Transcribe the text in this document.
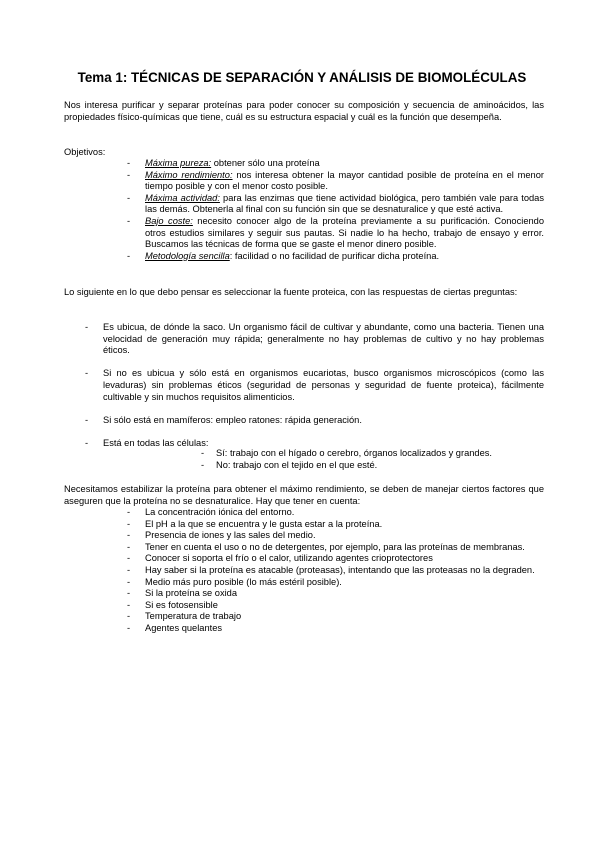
Tema 1: TÉCNICAS DE SEPARACIÓN Y ANÁLISIS DE BIOMOLÉCULAS
Nos interesa purificar y separar proteínas para poder conocer su composición y secuencia de aminoácidos, las propiedades físico-químicas que tiene, cuál es su estructura espacial y cuál es la función que desempeña.
Objetivos:
- Máxima pureza: obtener sólo una proteína
- Máximo rendimiento: nos interesa obtener la mayor cantidad posible de proteína en el menor tiempo posible y con el menor costo posible.
- Máxima actividad: para las enzimas que tiene actividad biológica, pero también vale para todas las demás. Obtenerla al final con su función sin que se desnaturalice y que esté activa.
- Bajo coste: necesito conocer algo de la proteína previamente a su purificación. Conociendo otros estudios similares y seguir sus pautas. Si nadie lo ha hecho, trabajo de ensayo y error. Buscamos las técnicas de forma que se gaste el menor dinero posible.
- Metodología sencilla: facilidad o no facilidad de purificar dicha proteína.
Lo siguiente en lo que debo pensar es seleccionar la fuente proteica, con las respuestas de ciertas preguntas:
- Es ubicua, de dónde la saco. Un organismo fácil de cultivar y abundante, como una bacteria. Tienen una velocidad de generación muy rápida; generalmente no hay problemas de cultivo y no hay problemas éticos.
- Si no es ubicua y sólo está en organismos eucariotas, busco organismos microscópicos (como las levaduras) sin problemas éticos (seguridad de personas y seguridad de fuente proteica), fácilmente cultivable y sin muchos requisitos alimenticios.
- Si sólo está en mamíferos: empleo ratones: rápida generación.
- Está en todas las células:
- Sí: trabajo con el hígado o cerebro, órganos localizados y grandes.
- No: trabajo con el tejido en el que esté.
Necesitamos estabilizar la proteína para obtener el máximo rendimiento, se deben de manejar ciertos factores que aseguren que la proteína no se desnaturalice. Hay que tener en cuenta:
- La concentración iónica del entorno.
- El pH a la que se encuentra y le gusta estar a la proteína.
- Presencia de iones y las sales del medio.
- Tener en cuenta el uso o no de detergentes, por ejemplo, para las proteínas de membranas.
- Conocer si soporta el frío o el calor, utilizando agentes crioprotectores
- Hay saber si la proteína es atacable (proteasas), intentando que las proteasas no la degraden.
- Medio más puro posible (lo más estéril posible).
- Si la proteína se oxida
- Si es fotosensible
- Temperatura de trabajo
- Agentes quelantes
